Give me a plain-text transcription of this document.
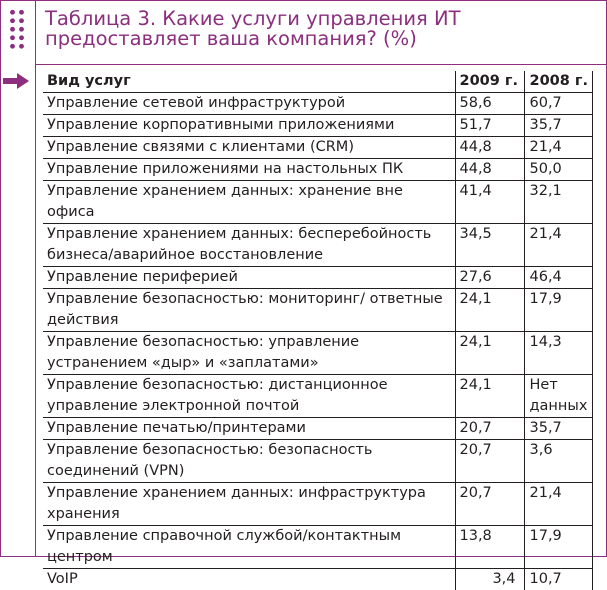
Таблица 3. Какие услуги управления ИТ предоставляет ваша компания? (%)
Вид услуг	2009 г.	2008 г.
Управление сетевой инфраструктурой	58,6	60,7
Управление корпоративными приложениями	51,7	35,7
Управление связями с клиентами (CRM)	44,8	21,4
Управление приложениями на настольных ПК	44,8	50,0
Управление хранением данных: хранение вне офиса	41,4	32,1
Управление хранением данных: бесперебойность бизнеса/аварийное восстановление	34,5	21,4
Управление периферией	27,6	46,4
Управление безопасностью: мониторинг/ ответные действия	24,1	17,9
Управление безопасностью: управление устранением «дыр» и «заплатами»	24,1	14,3
Управление безопасностью: дистанционное управление электронной почтой	24,1	Нет данных
Управление печатью/принтерами	20,7	35,7
Управление безопасностью: безопасность соединений (VPN)	20,7	3,6
Управление хранением данных: инфраструктура хранения	20,7	21,4
Управление справочной службой/контактным центром	13,8	17,9
VoIP	3,4	10,7
